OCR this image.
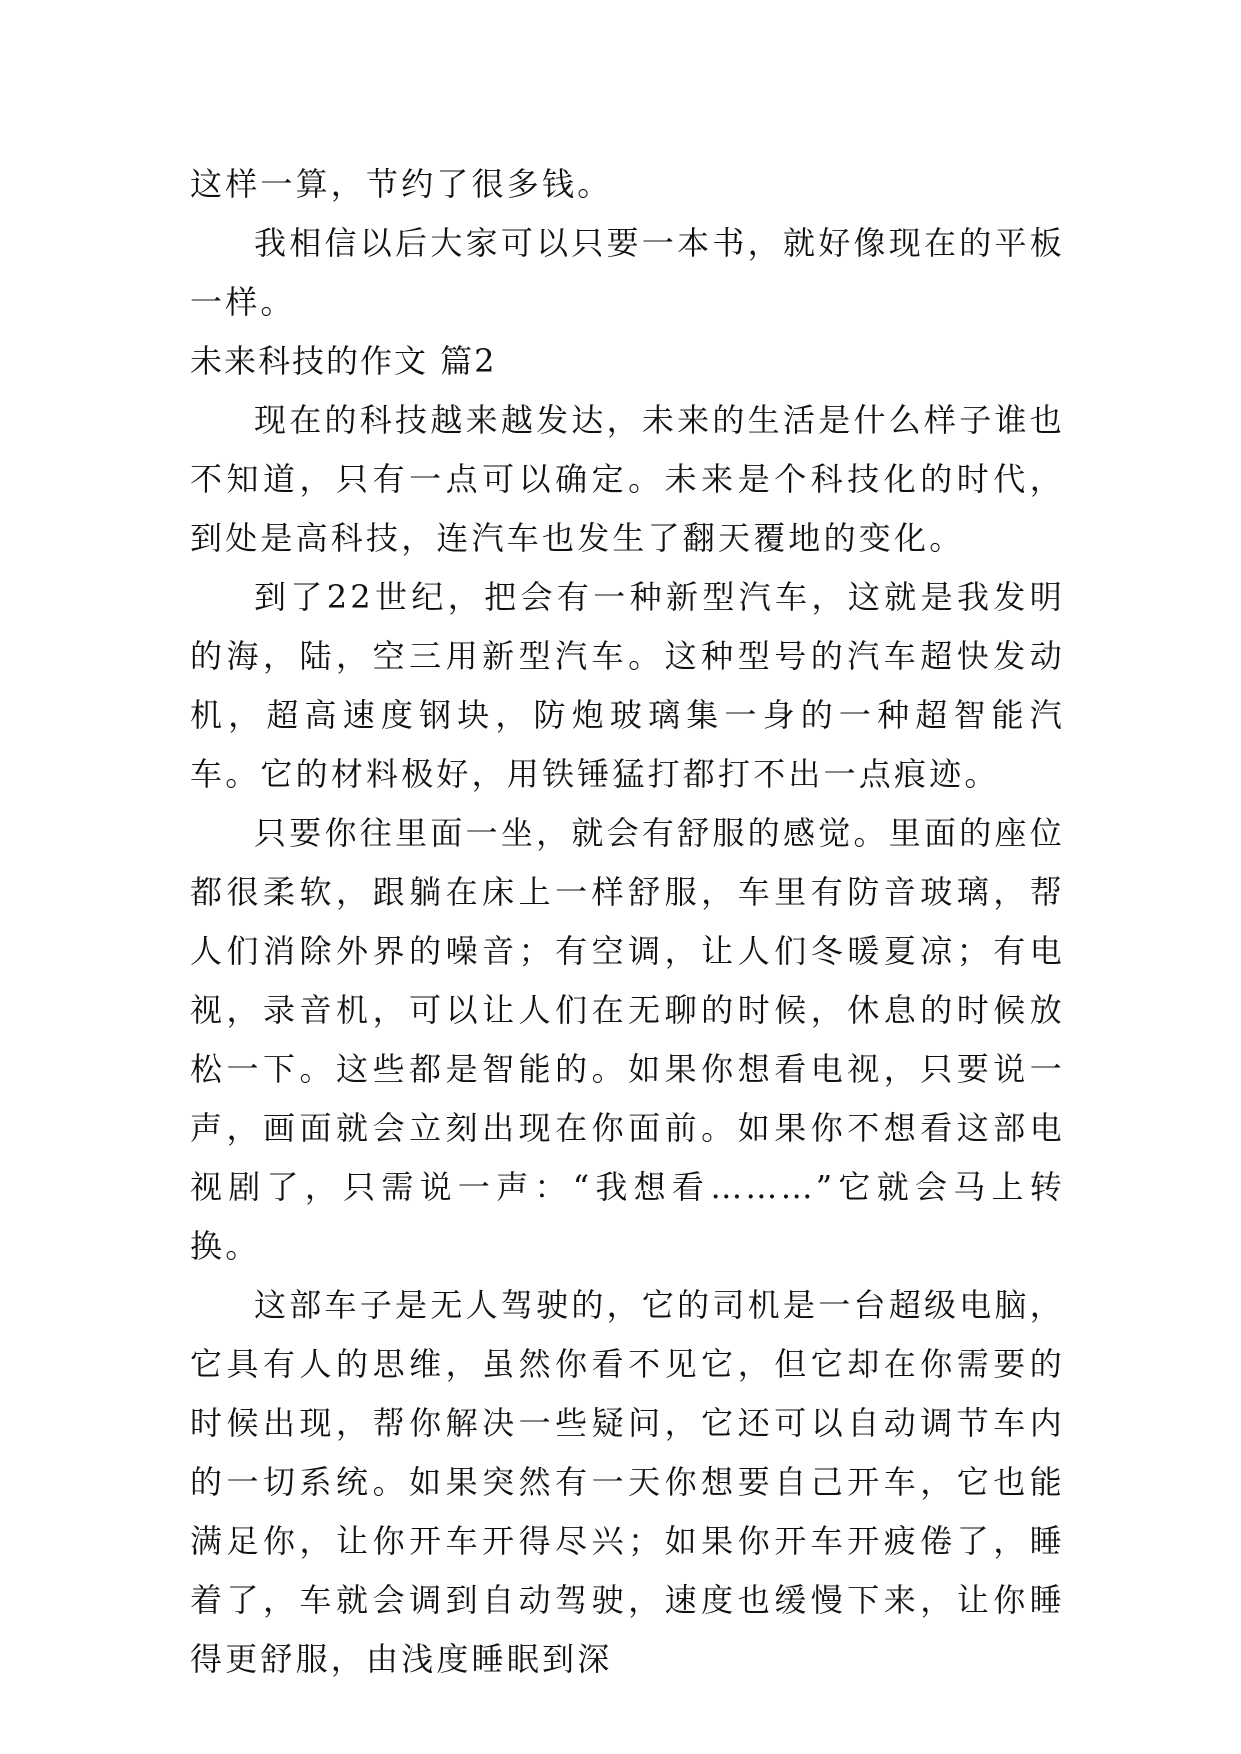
这样一算，节约了很多钱。

我相信以后大家可以只要一本书，就好像现在的平板一样。

未来科技的作文 篇2

现在的科技越来越发达，未来的生活是什么样子谁也不知道，只有一点可以确定。未来是个科技化的时代，到处是高科技，连汽车也发生了翻天覆地的变化。

到了22世纪，把会有一种新型汽车，这就是我发明的海，陆，空三用新型汽车。这种型号的汽车超快发动机，超高速度钢块，防炮玻璃集一身的一种超智能汽车。它的材料极好，用铁锤猛打都打不出一点痕迹。

只要你往里面一坐，就会有舒服的感觉。里面的座位都很柔软，跟躺在床上一样舒服，车里有防音玻璃，帮人们消除外界的噪音；有空调，让人们冬暖夏凉；有电视，录音机，可以让人们在无聊的时候，休息的时候放松一下。这些都是智能的。如果你想看电视，只要说一声，画面就会立刻出现在你面前。如果你不想看这部电视剧了，只需说一声：“我想看………”它就会马上转换。

这部车子是无人驾驶的，它的司机是一台超级电脑，它具有人的思维，虽然你看不见它，但它却在你需要的时候出现，帮你解决一些疑问，它还可以自动调节车内的一切系统。如果突然有一天你想要自己开车，它也能满足你，让你开车开得尽兴；如果你开车开疲倦了，睡着了，车就会调到自动驾驶，速度也缓慢下来，让你睡得更舒服，由浅度睡眠到深
